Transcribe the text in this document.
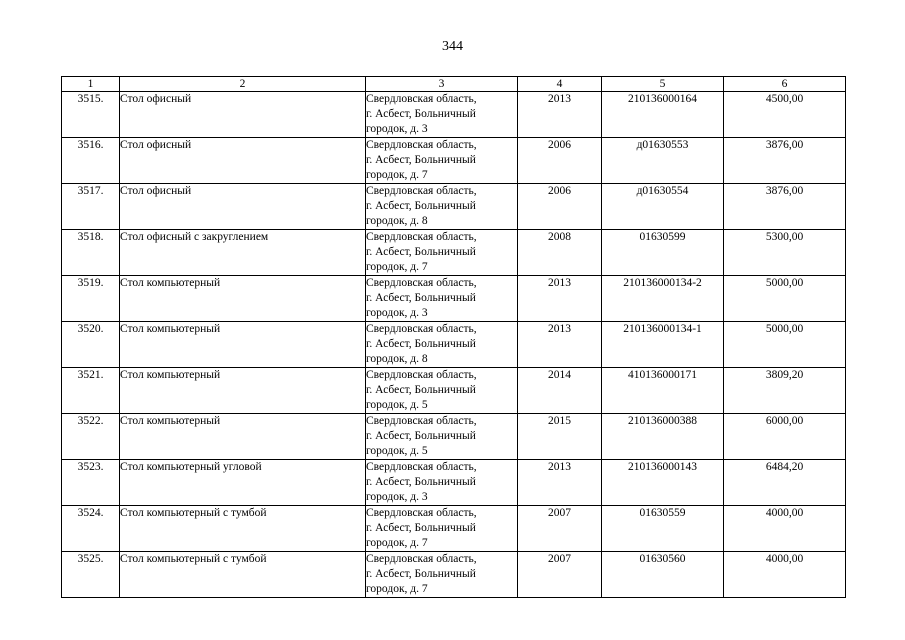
344
1	2	3	4	5	6
3515.	Стол офисный	Свердловская область,
г. Асбест, Больничный
городок, д. 3	2013	210136000164	4500,00
3516.	Стол офисный	Свердловская область,
г. Асбест, Больничный
городок, д. 7	2006	д01630553	3876,00
3517.	Стол офисный	Свердловская область,
г. Асбест, Больничный
городок, д. 8	2006	д01630554	3876,00
3518.	Стол офисный с закруглением	Свердловская область,
г. Асбест, Больничный
городок, д. 7	2008	01630599	5300,00
3519.	Стол компьютерный	Свердловская область,
г. Асбест, Больничный
городок, д. 3	2013	210136000134-2	5000,00
3520.	Стол компьютерный	Свердловская область,
г. Асбест, Больничный
городок, д. 8	2013	210136000134-1	5000,00
3521.	Стол компьютерный	Свердловская область,
г. Асбест, Больничный
городок, д. 5	2014	410136000171	3809,20
3522.	Стол компьютерный	Свердловская область,
г. Асбест, Больничный
городок, д. 5	2015	210136000388	6000,00
3523.	Стол компьютерный угловой	Свердловская область,
г. Асбест, Больничный
городок, д. 3	2013	210136000143	6484,20
3524.	Стол компьютерный с тумбой	Свердловская область,
г. Асбест, Больничный
городок, д. 7	2007	01630559	4000,00
3525.	Стол компьютерный с тумбой	Свердловская область,
г. Асбест, Больничный
городок, д. 7	2007	01630560	4000,00
